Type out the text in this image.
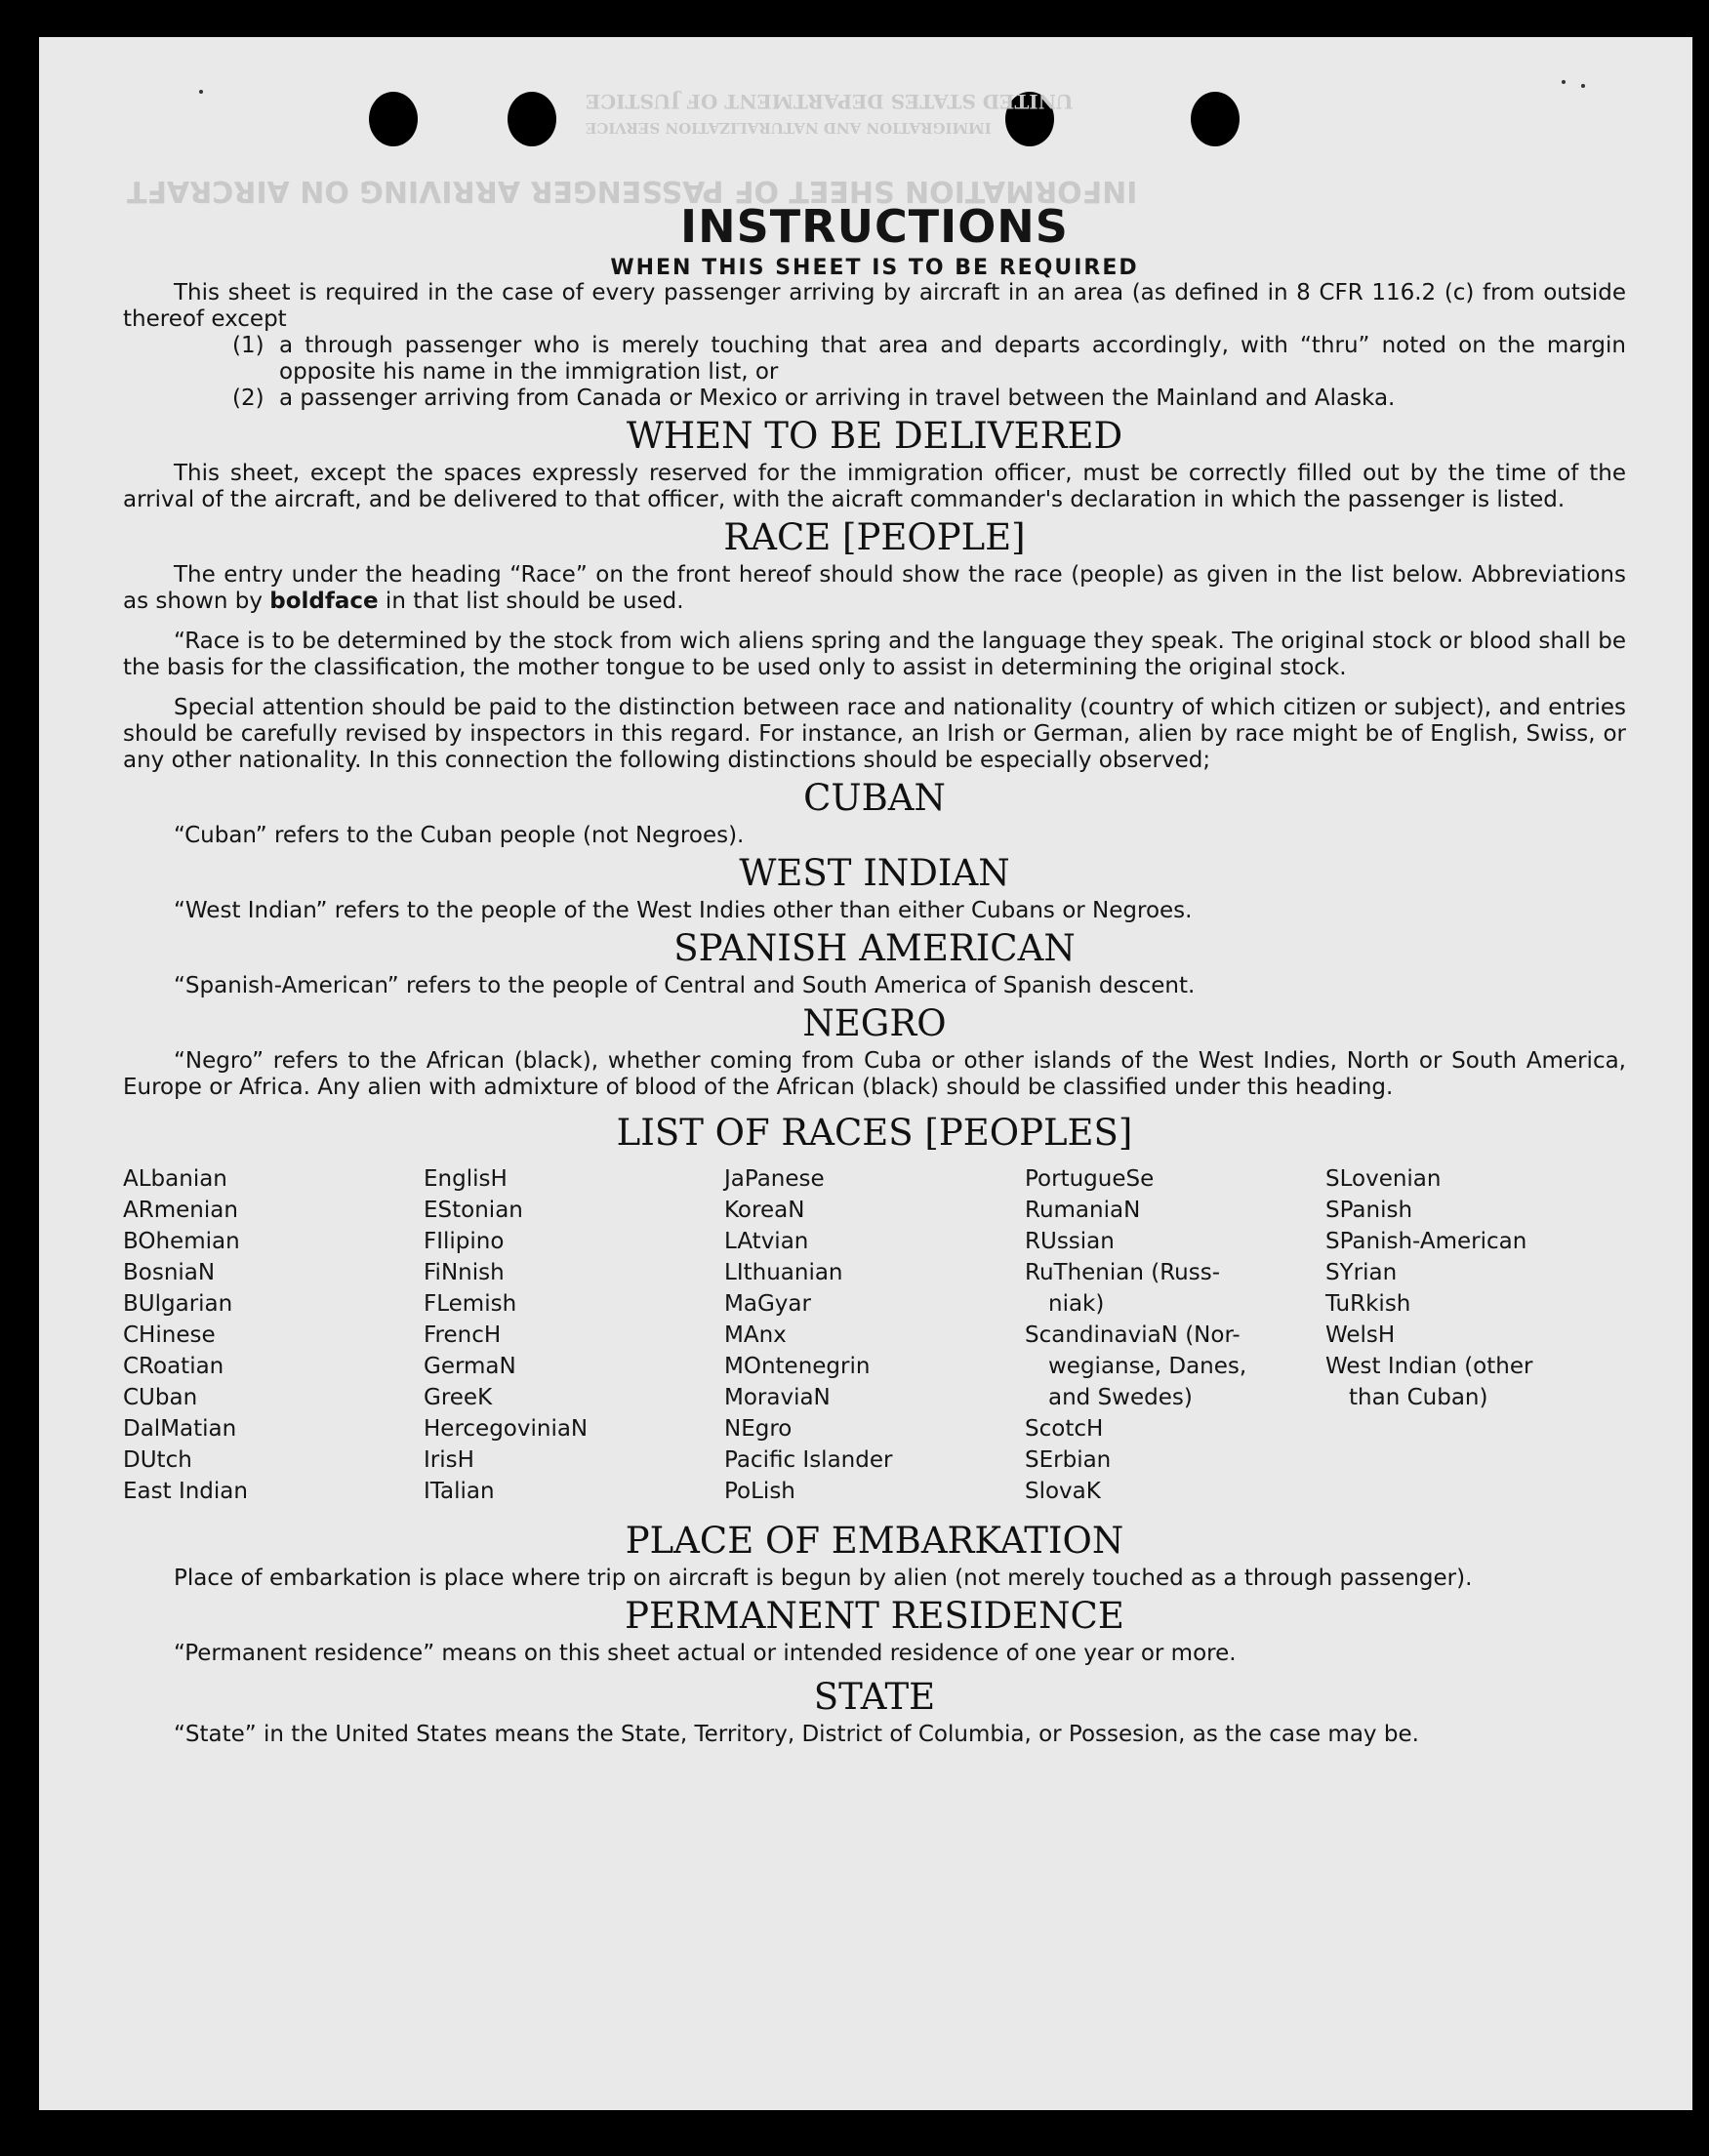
UNITED STATES DEPARTMENT OF JUSTICE
IMMIGRATION AND NATURALIZATION SERVICE
INFORMATION SHEET OF PASSENGER ARRIVING ON AIRCRAFT
INSTRUCTIONS
WHEN THIS SHEET IS TO BE REQUIRED

This sheet is required in the case of every passenger arriving by aircraft in an area (as defined in 8 CFR 116.2 (c) from outside thereof except

(1) a through passenger who is merely touching that area and departs accordingly, with “thru” noted on the margin opposite his name in the immigration list, or
(2) a passenger arriving from Canada or Mexico or arriving in travel between the Mainland and Alaska.
WHEN TO BE DELIVERED

This sheet, except the spaces expressly reserved for the immigration officer, must be correctly filled out by the time of the arrival of the aircraft, and be delivered to that officer, with the aicraft commander's declaration in which the passenger is listed.

RACE [PEOPLE]

The entry under the heading “Race” on the front hereof should show the race (people) as given in the list below. Abbreviations as shown by boldface in that list should be used.

“Race is to be determined by the stock from wich aliens spring and the language they speak. The original stock or blood shall be the basis for the classification, the mother tongue to be used only to assist in determining the original stock.

Special attention should be paid to the distinction between race and nationality (country of which citizen or subject), and entries should be carefully revised by inspectors in this regard. For instance, an Irish or German, alien by race might be of English, Swiss, or any other nationality. In this connection the following distinctions should be especially observed;

CUBAN

“Cuban” refers to the Cuban people (not Negroes).

WEST INDIAN

“West Indian” refers to the people of the West Indies other than either Cubans or Negroes.

SPANISH AMERICAN

“Spanish-American” refers to the people of Central and South America of Spanish descent.

NEGRO

“Negro” refers to the African (black), whether coming from Cuba or other islands of the West Indies, North or South America, Europe or Africa. Any alien with admixture of blood of the African (black) should be classified under this heading.

LIST OF RACES [PEOPLES]
ALbanian
ARmenian
BOhemian
BosniaN
BUlgarian
CHinese
CRoatian
CUban
DalMatian
DUtch
East Indian
EnglisH
EStonian
FIlipino
FiNnish
FLemish
FrencH
GermaN
GreeK
HercegoviniaN
IrisH
ITalian
JaPanese
KoreaN
LAtvian
LIthuanian
MaGyar
MAnx
MOntenegrin
MoraviaN
NEgro
Pacific Islander
PoLish
PortugueSe
RumaniaN
RUssian
RuThenian (Russ-
niak)
ScandinaviaN (Nor-
wegianse, Danes,
and Swedes)
ScotcH
SErbian
SlovaK
SLovenian
SPanish
SPanish-American
SYrian
TuRkish
WelsH
West Indian (other
than Cuban)
PLACE OF EMBARKATION

Place of embarkation is place where trip on aircraft is begun by alien (not merely touched as a through passenger).

PERMANENT RESIDENCE

“Permanent residence” means on this sheet actual or intended residence of one year or more.

STATE

“State” in the United States means the State, Territory, District of Columbia, or Possesion, as the case may be.
